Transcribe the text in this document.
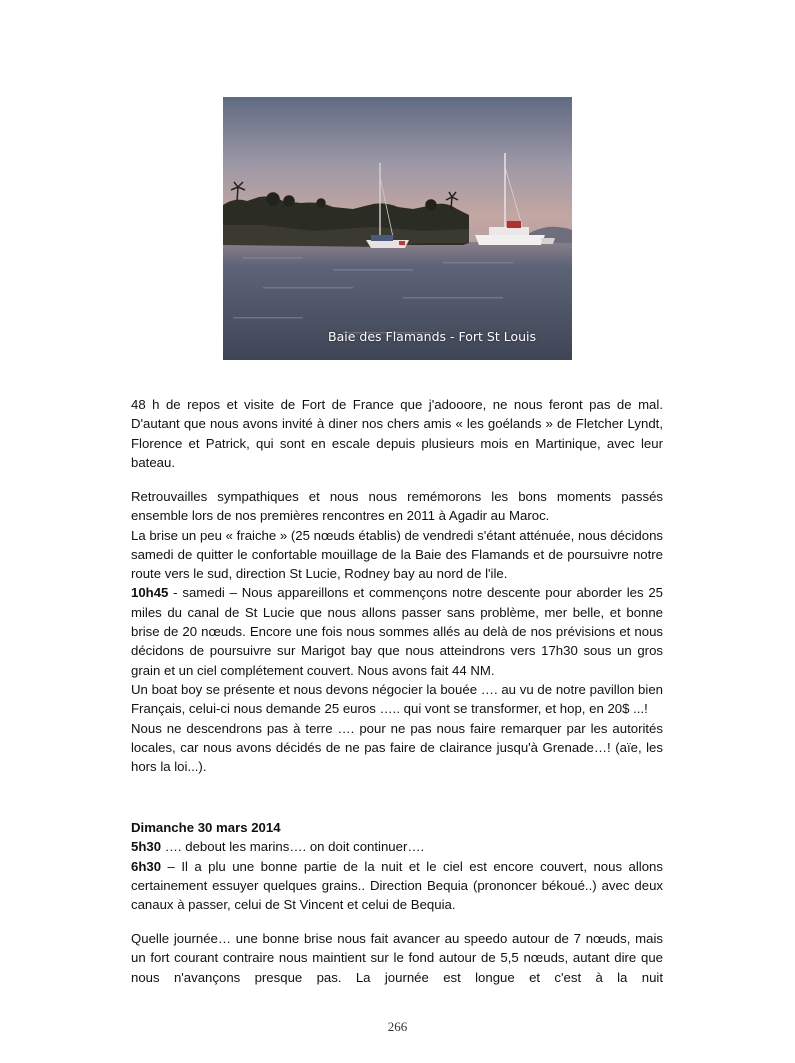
Baie des Flamands - Fort St Louis

48 h de repos et visite de Fort de France que j'adooore, ne nous feront pas de mal. D'autant que nous avons invité à diner nos chers amis « les goélands » de Fletcher Lyndt, Florence et Patrick, qui sont en escale depuis plusieurs mois en Martinique, avec leur bateau.

Retrouvailles sympathiques et nous nous remémorons les bons moments passés ensemble lors de nos premières rencontres en 2011 à Agadir au Maroc.

La brise un peu « fraiche » (25 nœuds établis) de vendredi s'étant atténuée, nous décidons samedi de quitter le confortable mouillage de la Baie des Flamands et de poursuivre notre route vers le sud, direction St Lucie, Rodney bay au nord de l'ile.

10h45 - samedi – Nous appareillons et commençons notre descente pour aborder les 25 miles du canal de St Lucie que nous allons passer sans problème, mer belle, et bonne brise de 20 nœuds. Encore une fois nous sommes allés au delà de nos prévisions et nous décidons de poursuivre sur Marigot bay que nous atteindrons vers 17h30 sous un gros grain et un ciel complétement couvert. Nous avons fait 44 NM.

Un boat boy se présente et nous devons négocier la bouée …. au vu de notre pavillon bien Français, celui-ci nous demande 25 euros ….. qui vont se transformer, et hop, en 20$ ...!

Nous ne descendrons pas à terre …. pour ne pas nous faire remarquer par les autorités locales, car nous avons décidés de ne pas faire de clairance jusqu'à Grenade…! (aïe, les hors la loi...).

Dimanche 30 mars 2014

5h30 …. debout les marins…. on doit continuer….

6h30 – Il a plu une bonne partie de la nuit et le ciel est encore couvert, nous allons certainement essuyer quelques grains.. Direction Bequia (prononcer békoué..) avec deux canaux à passer, celui de St Vincent et celui de Bequia.

Quelle journée… une bonne brise nous fait avancer au speedo autour de 7 nœuds, mais un fort courant contraire nous maintient sur le fond autour de 5,5 nœuds, autant dire que nous n'avançons presque pas. La journée est longue et c'est à la nuit

266
